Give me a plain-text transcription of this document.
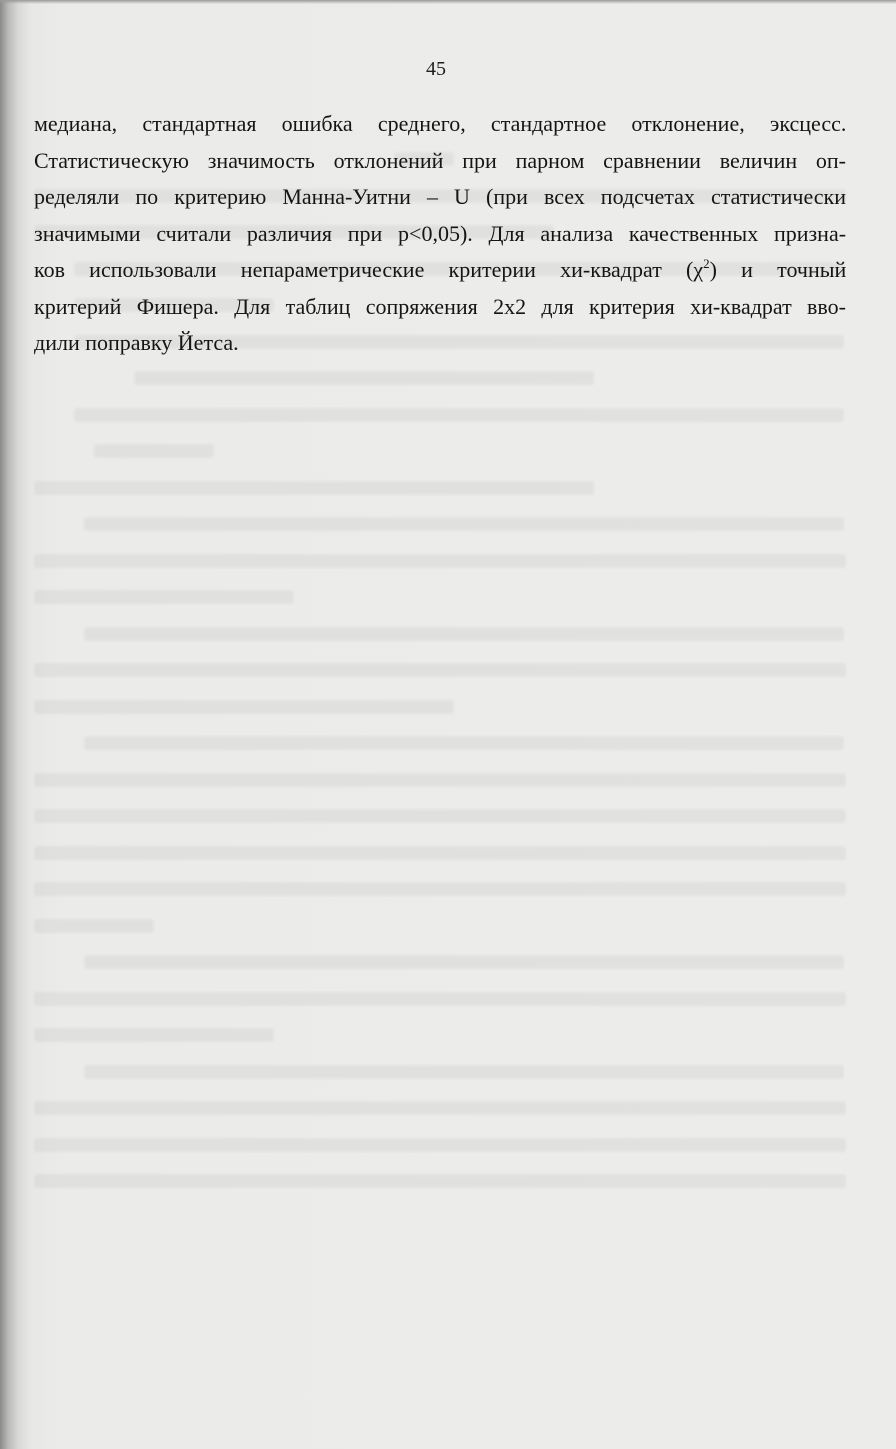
45
медиана, стандартная ошибка среднего, стандартное отклонение, эксцесс.
Статистическую значимость отклонений при парном сравнении величин оп-
ределяли по критерию Манна-Уитни – U (при всех подсчетах статистически
значимыми считали различия при p<0,05). Для анализа качественных призна-
ков использовали непараметрические критерии хи-квадрат $(\chi^2)$ и точный
критерий Фишера. Для таблиц сопряжения 2х2 для критерия хи-квадрат вво-
дили поправку Йетса.
